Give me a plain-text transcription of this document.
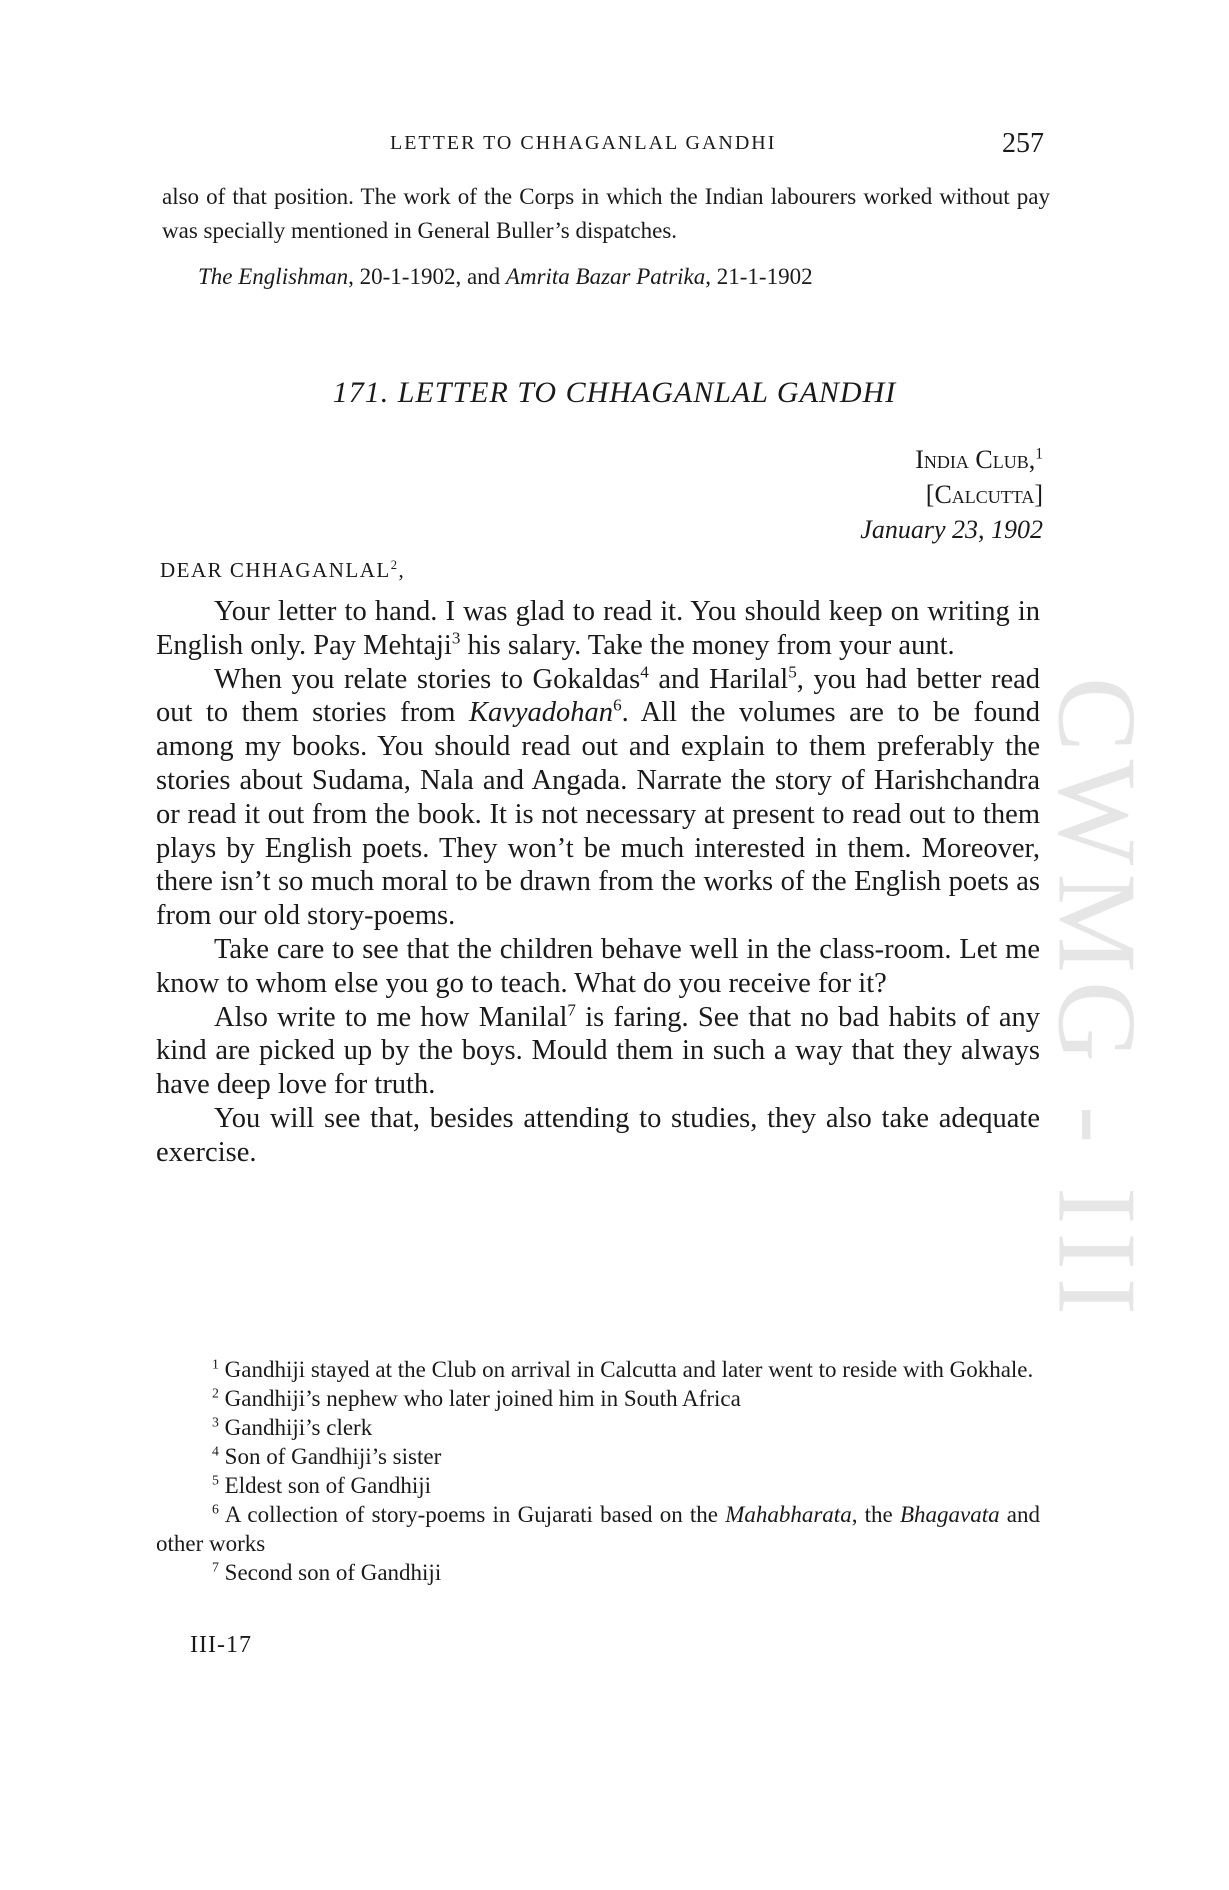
LETTER TO CHHAGANLAL GANDHI	257
also of that position. The work of the Corps in which the Indian labourers worked without pay was specially mentioned in General Buller’s dispatches.
The Englishman, 20-1-1902, and Amrita Bazar Patrika, 21-1-1902
171. LETTER TO CHHAGANLAL GANDHI
India Club,$^1$
[Calcutta]
January 23, 1902
DEAR CHHAGANLAL$^2$,

Your letter to hand. I was glad to read it. You should keep on writing in English only. Pay Mehtaji$^3$ his salary. Take the money from your aunt.

When you relate stories to Gokaldas$^4$ and Harilal$^5$, you had better read out to them stories from Kavyadohan$^6$. All the volumes are to be found among my books. You should read out and explain to them preferably the stories about Sudama, Nala and Angada. Narrate the story of Harishchandra or read it out from the book. It is not necessary at present to read out to them plays by English poets. They won’t be much interested in them. Moreover, there isn’t so much moral to be drawn from the works of the English poets as from our old story-poems.

Take care to see that the children behave well in the class-room. Let me know to whom else you go to teach. What do you receive for it?

Also write to me how Manilal$^7$ is faring. See that no bad habits of any kind are picked up by the boys. Mould them in such a way that they always have deep love for truth.

You will see that, besides attending to studies, they also take adequate exercise.

$^1$ Gandhiji stayed at the Club on arrival in Calcutta and later went to reside with Gokhale.

$^2$ Gandhiji’s nephew who later joined him in South Africa

$^3$ Gandhiji’s clerk

$^4$ Son of Gandhiji’s sister

$^5$ Eldest son of Gandhiji

$^6$ A collection of story-poems in Gujarati based on the Mahabharata, the Bhagavata and other works

$^7$ Second son of Gandhiji

III-17
CWMG - III
